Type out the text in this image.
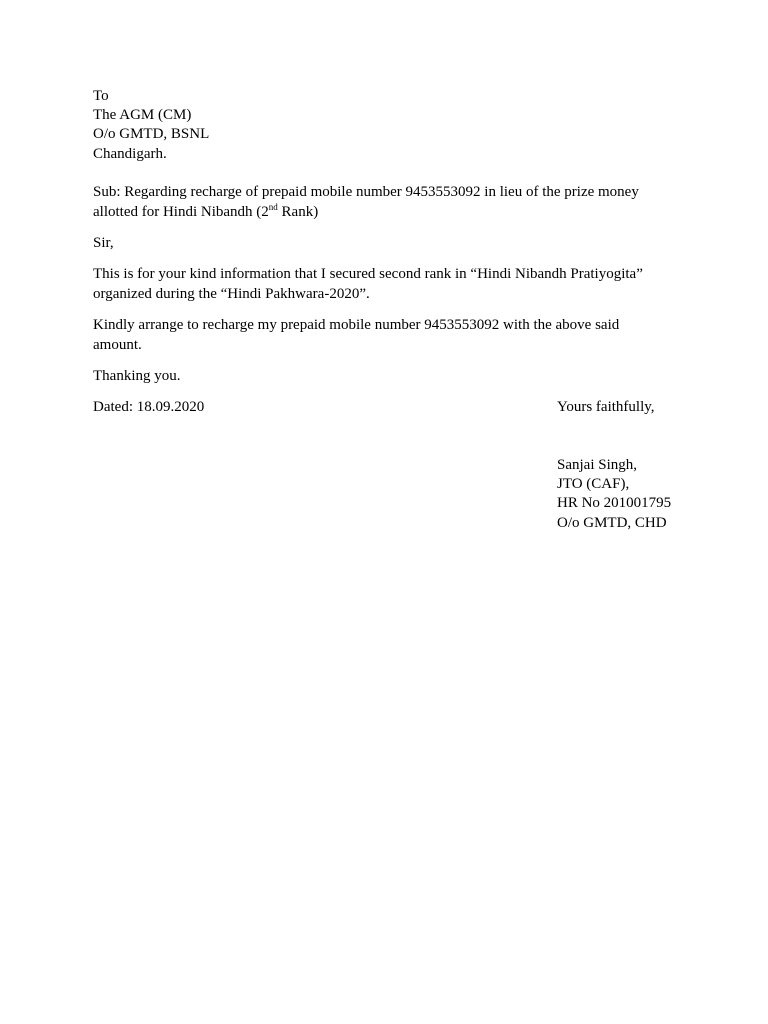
To
The AGM (CM)
O/o GMTD, BSNL
Chandigarh.
Sub: Regarding recharge of prepaid mobile number 9453553092 in lieu of the prize money
allotted for Hindi Nibandh (2nd Rank)
Sir,
This is for your kind information that I secured second rank in “Hindi Nibandh Pratiyogita”
organized during the “Hindi Pakhwara-2020”.
Kindly arrange to recharge my prepaid mobile number 9453553092 with the above said
amount.
Thanking you.
Dated: 18.09.2020	Yours faithfully,
Sanjai Singh,
JTO (CAF),
HR No 201001795
O/o GMTD, CHD
